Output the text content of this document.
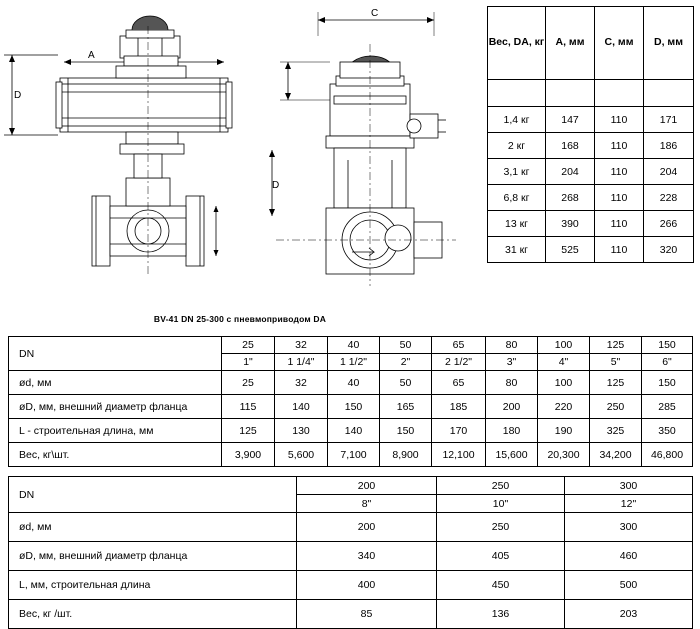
A
C
D
D
BV-41 DN 25-300 с пневмоприводом DA
Вес, DA, кг	A, мм	C, мм	D, мм

1,4 кг	147	110	171
2 кг	168	110	186
3,1 кг	204	110	204
6,8 кг	268	110	228
13 кг	390	110	266
31 кг	525	110	320
DN	25	32	40	50	65	80	100	125	150
	1"	1 1/4"	1 1/2"	2"	2 1/2"	3"	4"	5"	6"
ød, мм	25	32	40	50	65	80	100	125	150
øD, мм, внешний диаметр фланца	115	140	150	165	185	200	220	250	285
L - строительная длина, мм	125	130	140	150	170	180	190	325	350
Вес, кг\шт.	3,900	5,600	7,100	8,900	12,100	15,600	20,300	34,200	46,800
DN	200	250	300
	8"	10"	12"
ød, мм	200	250	300
øD, мм, внешний диаметр фланца	340	405	460
L, мм, строительная длина	400	450	500
Вес, кг /шт.	85	136	203
